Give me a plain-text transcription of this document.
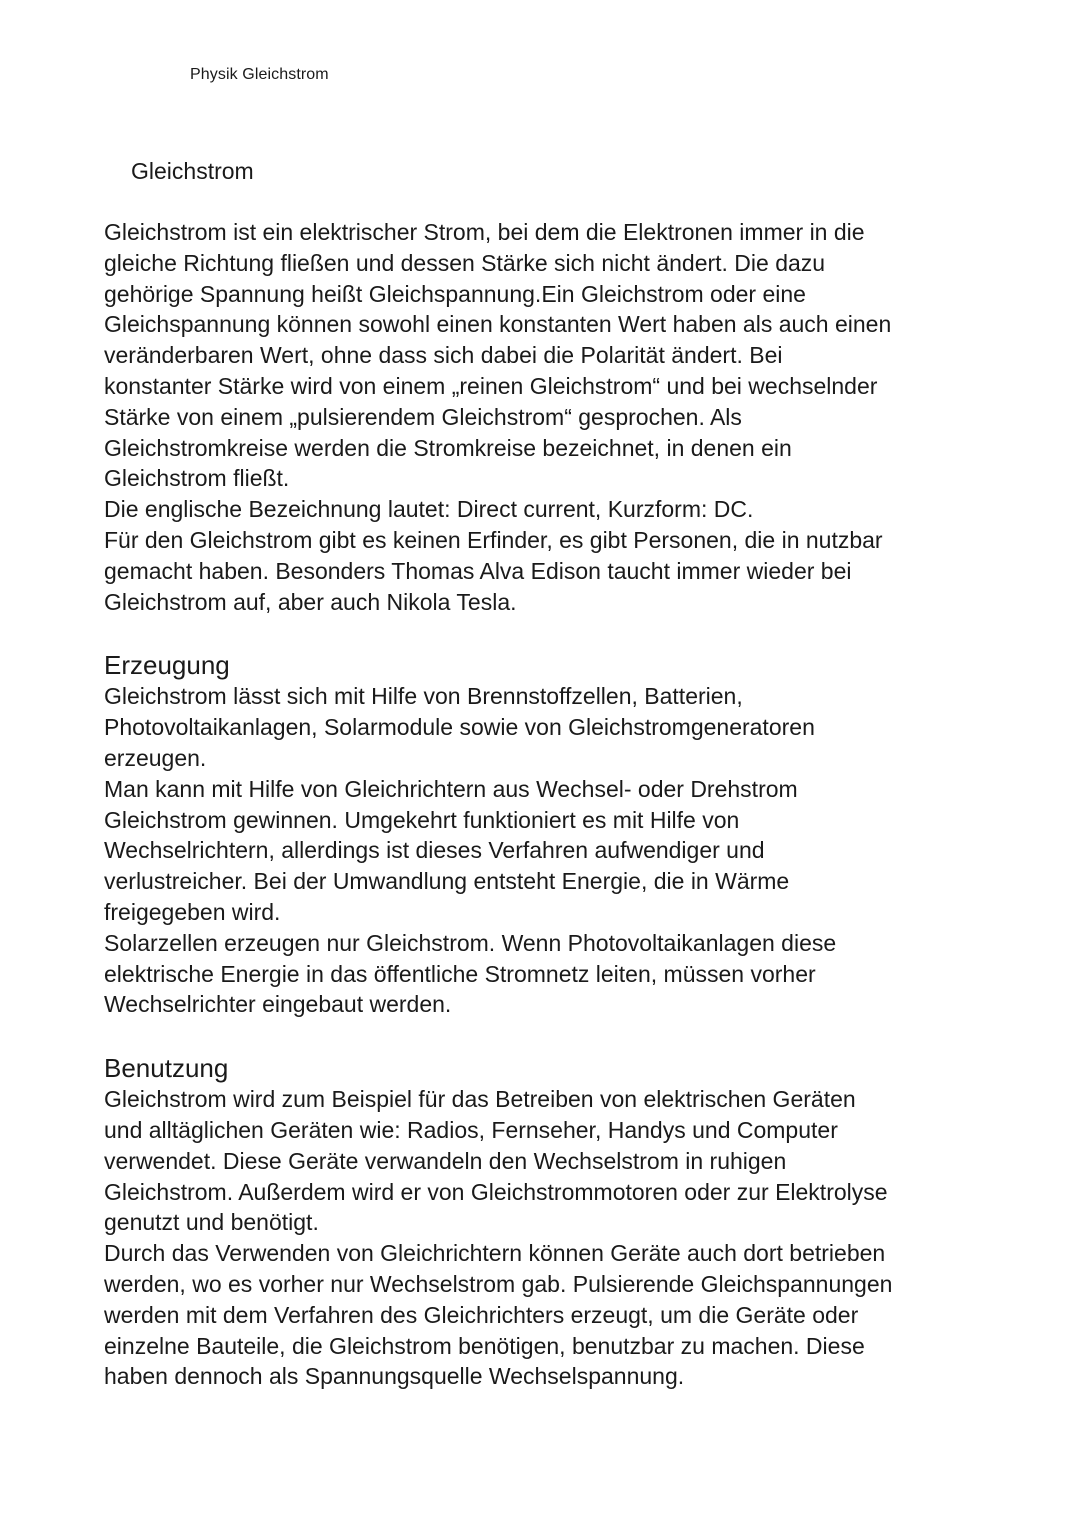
Physik Gleichstrom
Gleichstrom

Gleichstrom ist ein elektrischer Strom, bei dem die Elektronen immer in die
gleiche Richtung fließen und dessen Stärke sich nicht ändert. Die dazu
gehörige Spannung heißt Gleichspannung.Ein Gleichstrom oder eine
Gleichspannung können sowohl einen konstanten Wert haben als auch einen
veränderbaren Wert, ohne dass sich dabei die Polarität ändert. Bei
konstanter Stärke wird von einem „reinen Gleichstrom“ und bei wechselnder
Stärke von einem „pulsierendem Gleichstrom“ gesprochen. Als
Gleichstromkreise werden die Stromkreise bezeichnet, in denen ein
Gleichstrom fließt.

Die englische Bezeichnung lautet: Direct current, Kurzform: DC.

Für den Gleichstrom gibt es keinen Erfinder, es gibt Personen, die in nutzbar
gemacht haben. Besonders Thomas Alva Edison taucht immer wieder bei
Gleichstrom auf, aber auch Nikola Tesla.

Erzeugung

Gleichstrom lässt sich mit Hilfe von Brennstoffzellen, Batterien,
Photovoltaikanlagen, Solarmodule sowie von Gleichstromgeneratoren
erzeugen.

Man kann mit Hilfe von Gleichrichtern aus Wechsel- oder Drehstrom
Gleichstrom gewinnen. Umgekehrt funktioniert es mit Hilfe von
Wechselrichtern, allerdings ist dieses Verfahren aufwendiger und
verlustreicher. Bei der Umwandlung entsteht Energie, die in Wärme
freigegeben wird.

Solarzellen erzeugen nur Gleichstrom. Wenn Photovoltaikanlagen diese
elektrische Energie in das öffentliche Stromnetz leiten, müssen vorher
Wechselrichter eingebaut werden.

Benutzung

Gleichstrom wird zum Beispiel für das Betreiben von elektrischen Geräten
und alltäglichen Geräten wie: Radios, Fernseher, Handys und Computer
verwendet. Diese Geräte verwandeln den Wechselstrom in ruhigen
Gleichstrom. Außerdem wird er von Gleichstrommotoren oder zur Elektrolyse
genutzt und benötigt.

Durch das Verwenden von Gleichrichtern können Geräte auch dort betrieben
werden, wo es vorher nur Wechselstrom gab. Pulsierende Gleichspannungen
werden mit dem Verfahren des Gleichrichters erzeugt, um die Geräte oder
einzelne Bauteile, die Gleichstrom benötigen, benutzbar zu machen. Diese
haben dennoch als Spannungsquelle Wechselspannung.
